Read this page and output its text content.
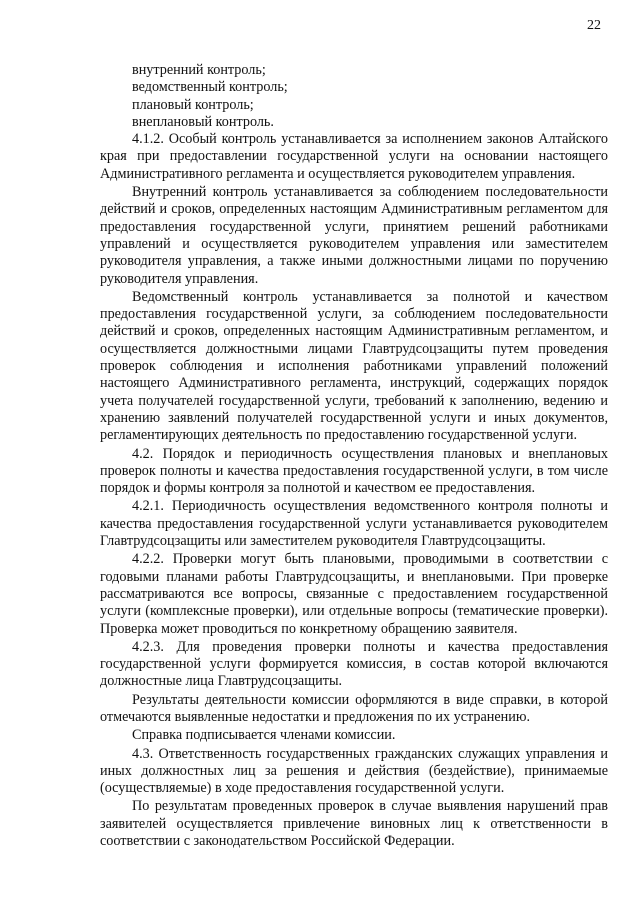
22

внутренний контроль;

ведомственный контроль;

плановый контроль;

внеплановый контроль.

4.1.2. Особый контроль устанавливается за исполнением законов Алтайского края при предоставлении государственной услуги на основании настоящего Административного регламента и осуществляется руководителем управления.

Внутренний контроль устанавливается за соблюдением последовательности действий и сроков, определенных настоящим Административным регламентом для предоставления государственной услуги, принятием решений работниками управлений и осуществляется руководителем управления или заместителем руководителя управления, а также иными должностными лицами по поручению руководителя управления.

Ведомственный контроль устанавливается за полнотой и качеством предоставления государственной услуги, за соблюдением последовательности действий и сроков, определенных настоящим Административным регламентом, и осуществляется должностными лицами Главтрудсоцзащиты путем проведения проверок соблюдения и исполнения работниками управлений положений настоящего Административного регламента, инструкций, содержащих порядок учета получателей государственной услуги, требований к заполнению, ведению и хранению заявлений получателей государственной услуги и иных документов, регламентирующих деятельность по предоставлению государственной услуги.

4.2. Порядок и периодичность осуществления плановых и внеплановых проверок полноты и качества предоставления государственной услуги, в том числе порядок и формы контроля за полнотой и качеством ее предоставления.

4.2.1. Периодичность осуществления ведомственного контроля полноты и качества предоставления государственной услуги устанавливается руководителем Главтрудсоцзащиты или заместителем руководителя Главтрудсоцзащиты.

4.2.2. Проверки могут быть плановыми, проводимыми в соответствии с годовыми планами работы Главтрудсоцзащиты, и внеплановыми. При проверке рассматриваются все вопросы, связанные с предоставлением государственной услуги (комплексные проверки), или отдельные вопросы (тематические проверки). Проверка может проводиться по конкретному обращению заявителя.

4.2.3. Для проведения проверки полноты и качества предоставления государственной услуги формируется комиссия, в состав которой включаются должностные лица Главтрудсоцзащиты.

Результаты деятельности комиссии оформляются в виде справки, в которой отмечаются выявленные недостатки и предложения по их устранению.

Справка подписывается членами комиссии.

4.3. Ответственность государственных гражданских служащих управления и иных должностных лиц за решения и действия (бездействие), принимаемые (осуществляемые) в ходе предоставления государственной услуги.

По результатам проведенных проверок в случае выявления нарушений прав заявителей осуществляется привлечение виновных лиц к ответственности в соответствии с законодательством Российской Федерации.
